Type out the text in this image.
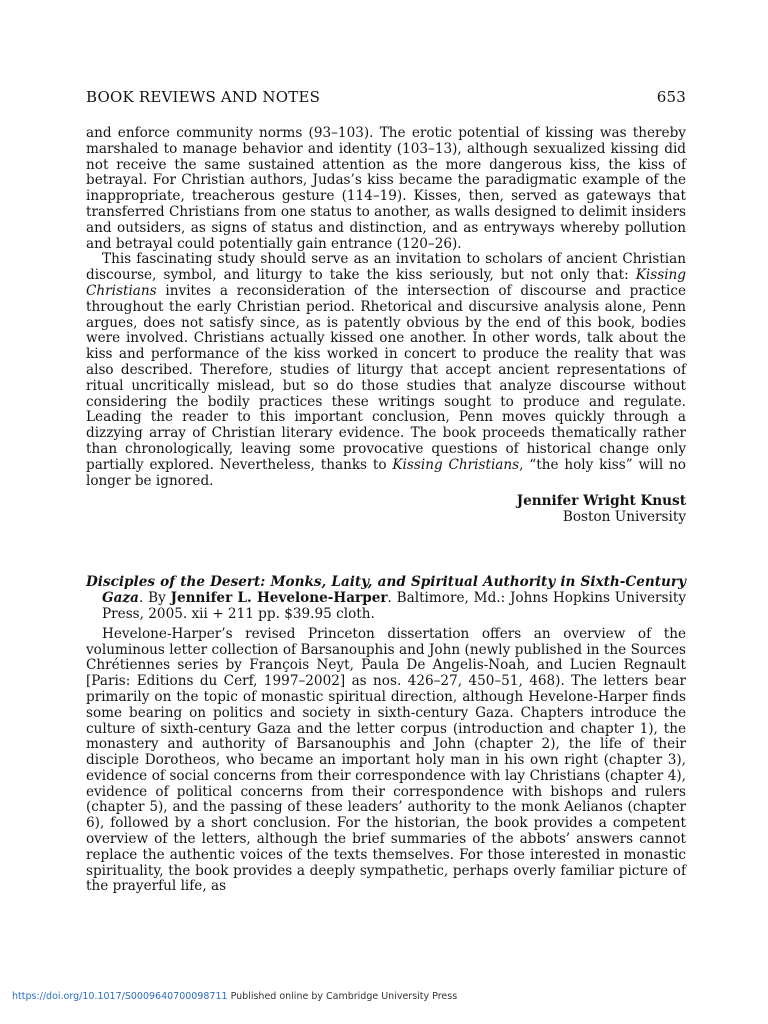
BOOK REVIEWS AND NOTES	653

and enforce community norms (93–103). The erotic potential of kissing was thereby marshaled to manage behavior and identity (103–13), although sexualized kissing did not receive the same sustained attention as the more dangerous kiss, the kiss of betrayal. For Christian authors, Judas’s kiss became the paradigmatic example of the inappropriate, treacherous gesture (114–19). Kisses, then, served as gateways that transferred Christians from one status to another, as walls designed to delimit insiders and outsiders, as signs of status and distinction, and as entryways whereby pollution and betrayal could potentially gain entrance (120–26).

This fascinating study should serve as an invitation to scholars of ancient Christian discourse, symbol, and liturgy to take the kiss seriously, but not only that: Kissing Christians invites a reconsideration of the intersection of discourse and practice throughout the early Christian period. Rhetorical and discursive analysis alone, Penn argues, does not satisfy since, as is patently obvious by the end of this book, bodies were involved. Christians actually kissed one another. In other words, talk about the kiss and performance of the kiss worked in concert to produce the reality that was also described. Therefore, studies of liturgy that accept ancient representations of ritual uncritically mislead, but so do those studies that analyze discourse without considering the bodily practices these writings sought to produce and regulate. Leading the reader to this important conclusion, Penn moves quickly through a dizzying array of Christian literary evidence. The book proceeds thematically rather than chronologically, leaving some provocative questions of historical change only partially explored. Nevertheless, thanks to Kissing Christians, “the holy kiss” will no longer be ignored.

Jennifer Wright Knust
Boston University
Disciples of the Desert: Monks, Laity, and Spiritual Authority in Sixth-Century Gaza. By Jennifer L. Hevelone-Harper. Baltimore, Md.: Johns Hopkins University Press, 2005. xii + 211 pp. $39.95 cloth.

Hevelone-Harper’s revised Princeton dissertation offers an overview of the voluminous letter collection of Barsanouphis and John (newly published in the Sources Chrétiennes series by François Neyt, Paula De Angelis-Noah, and Lucien Regnault [Paris: Editions du Cerf, 1997–2002] as nos. 426–27, 450–51, 468). The letters bear primarily on the topic of monastic spiritual direction, although Hevelone-Harper finds some bearing on politics and society in sixth-century Gaza. Chapters introduce the culture of sixth-century Gaza and the letter corpus (introduction and chapter 1), the monastery and authority of Barsanouphis and John (chapter 2), the life of their disciple Dorotheos, who became an important holy man in his own right (chapter 3), evidence of social concerns from their correspondence with lay Christians (chapter 4), evidence of political concerns from their correspondence with bishops and rulers (chapter 5), and the passing of these leaders’ authority to the monk Aelianos (chapter 6), followed by a short conclusion. For the historian, the book provides a competent overview of the letters, although the brief summaries of the abbots’ answers cannot replace the authentic voices of the texts themselves. For those interested in monastic spirituality, the book provides a deeply sympathetic, perhaps overly familiar picture of the prayerful life, as

https://doi.org/10.1017/S0009640700098711 Published online by Cambridge University Press
